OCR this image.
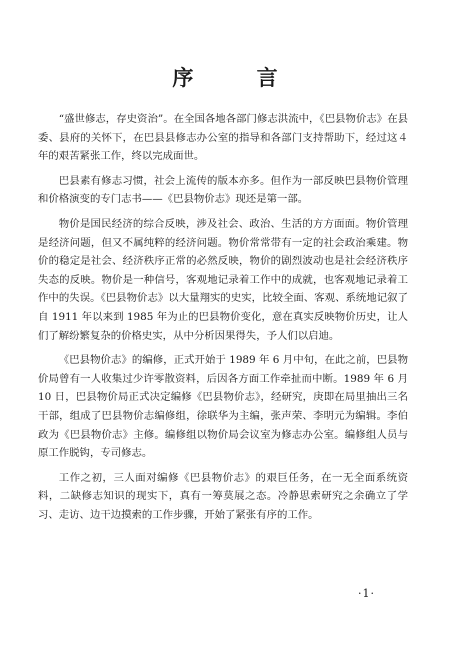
序 言

“盛世修志，存史资治”。在全国各地各部门修志洪流中，《巴县物价志》在县委、县府的关怀下，在巴县县修志办公室的指导和各部门支持帮助下，经过这４年的艰苦紧张工作，终以完成面世。

巴县素有修志习惯，社会上流传的版本亦多。但作为一部反映巴县物价管理和价格演变的专门志书——《巴县物价志》现还是第一部。

物价是国民经济的综合反映，涉及社会、政治、生活的方方面面。物价管理是经济问题，但又不属纯粹的经济问题。物价常常带有一定的社会政治乘建。物价的稳定是社会、经济秩序正常的必然反映，物价的剧烈波动也是社会经济秩序失态的反映。物价是一种信号，客观地记录着工作中的成就，也客观地记录着工作中的失误。《巴县物价志》以大量翔实的史实，比较全面、客观、系统地记叙了自 1911 年以来到 1985 年为止的巴县物价变化，意在真实反映物价历史，让人们了解纷繁复杂的价格史实，从中分析因果得失，予人们以启迪。

《巴县物价志》的编修，正式开始于 1989 年 6 月中旬，在此之前，巴县物价局曾有一人收集过少许零散资料，后因各方面工作牵扯而中断。1989 年 6 月 10 日，巴县物价局正式决定编修《巴县物价志》，经研究，庚即在局里抽出三名干部，组成了巴县物价志编修组，徐联华为主编，张声荣、李明元为编辑。李伯政为《巴县物价志》主修。编修组以物价局会议室为修志办公室。编修组人员与原工作脱钩，专司修志。

工作之初，三人面对编修《巴县物价志》的艰巨任务，在一无全面系统资料，二缺修志知识的现实下，真有一筹莫展之态。冷静思索研究之余确立了学习、走访、边干边摸索的工作步骤，开始了紧张有序的工作。

·1·
